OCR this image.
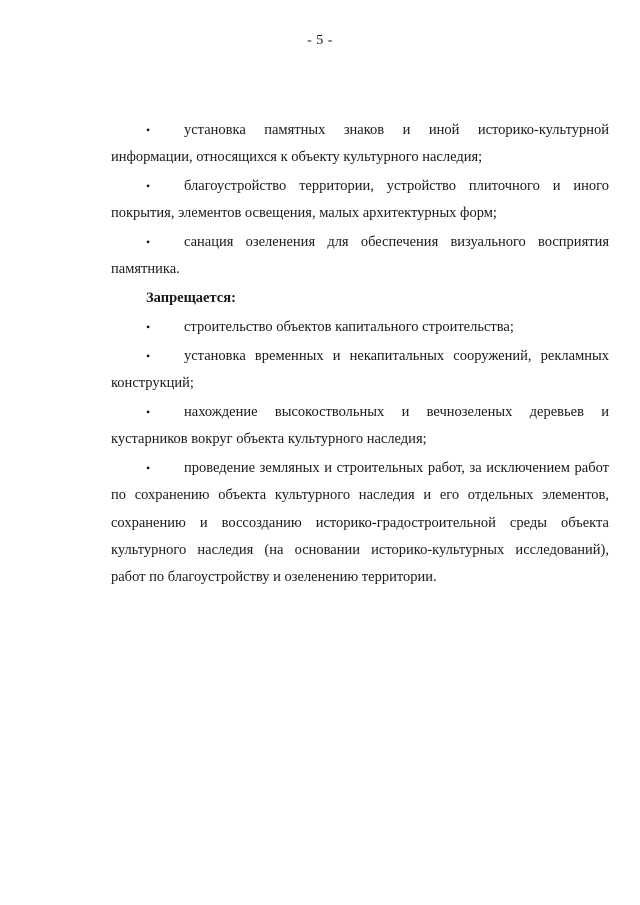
- 5 -
• установка памятных знаков и иной историко-культурной информации, относящихся к объекту культурного наследия;
• благоустройство территории, устройство плиточного и иного покрытия, элементов освещения, малых архитектурных форм;
• санация озеленения для обеспечения визуального восприятия памятника.
Запрещается:
• строительство объектов капитального строительства;
• установка временных и некапитальных сооружений, рекламных конструкций;
• нахождение высокоствольных и вечнозеленых деревьев и кустарников вокруг объекта культурного наследия;
• проведение земляных и строительных работ, за исключением работ по сохранению объекта культурного наследия и его отдельных элементов, сохранению и воссозданию историко-градостроительной среды объекта культурного наследия (на основании историко-культурных исследований), работ по благоустройству и озеленению территории.
